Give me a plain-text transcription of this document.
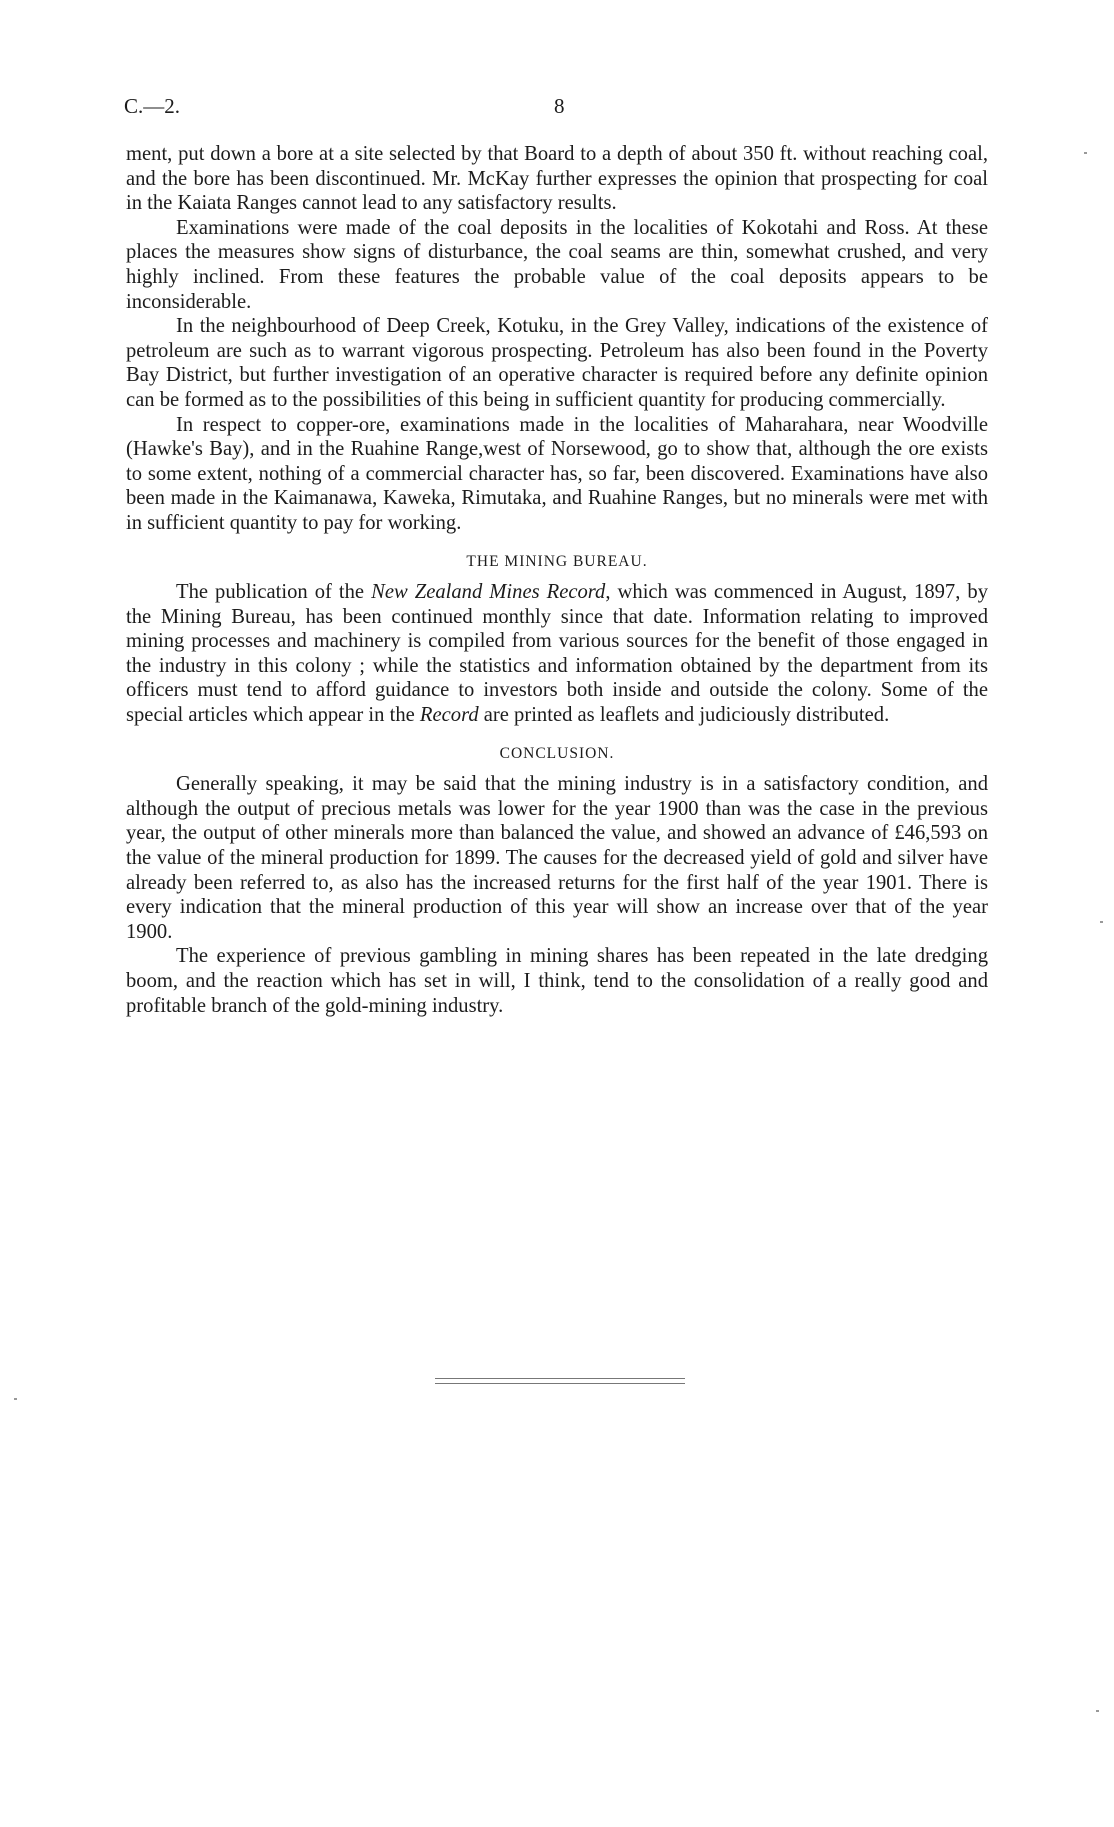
C.—2.	8

ment, put down a bore at a site selected by that Board to a depth of about 350 ft. without reaching coal, and the bore has been discontinued. Mr. McKay further expresses the opinion that prospecting for coal in the Kaiata Ranges cannot lead to any satisfactory results.

Examinations were made of the coal deposits in the localities of Kokotahi and Ross. At these places the measures show signs of disturbance, the coal seams are thin, somewhat crushed, and very highly inclined. From these features the probable value of the coal deposits appears to be inconsiderable.

In the neighbourhood of Deep Creek, Kotuku, in the Grey Valley, indications of the existence of petroleum are such as to warrant vigorous prospecting. Petroleum has also been found in the Poverty Bay District, but further investigation of an operative character is required before any definite opinion can be formed as to the possibilities of this being in sufficient quantity for producing commercially.

In respect to copper-ore, examinations made in the localities of Maharahara, near Woodville (Hawke's Bay), and in the Ruahine Range,west of Norsewood, go to show that, although the ore exists to some extent, nothing of a commercial character has, so far, been discovered. Examinations have also been made in the Kaimanawa, Kaweka, Rimutaka, and Ruahine Ranges, but no minerals were met with in sufficient quantity to pay for working.

THE MINING BUREAU.

The publication of the New Zealand Mines Record, which was commenced in August, 1897, by the Mining Bureau, has been continued monthly since that date. Information relating to improved mining processes and machinery is compiled from various sources for the benefit of those engaged in the industry in this colony ; while the statistics and information obtained by the department from its officers must tend to afford guidance to investors both inside and outside the colony. Some of the special articles which appear in the Record are printed as leaflets and judiciously distributed.

CONCLUSION.

Generally speaking, it may be said that the mining industry is in a satisfactory condition, and although the output of precious metals was lower for the year 1900 than was the case in the previous year, the output of other minerals more than balanced the value, and showed an advance of £46,593 on the value of the mineral production for 1899. The causes for the decreased yield of gold and silver have already been referred to, as also has the increased returns for the first half of the year 1901. There is every indication that the mineral production of this year will show an increase over that of the year 1900.

The experience of previous gambling in mining shares has been repeated in the late dredging boom, and the reaction which has set in will, I think, tend to the consolidation of a really good and profitable branch of the gold-mining industry.
